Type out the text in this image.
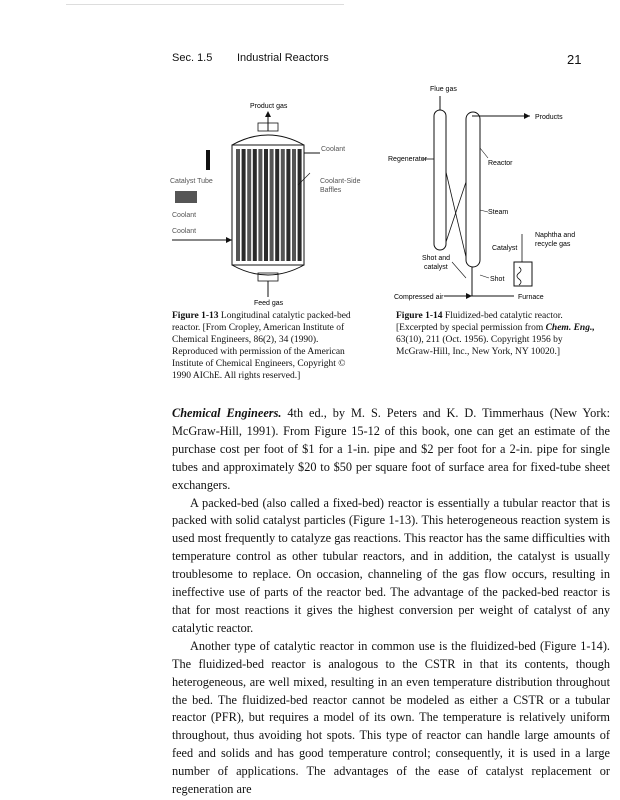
Sec. 1.5 Industrial Reactors	21
Product gas
Feed gas
Coolant
Coolant-Side
Baffles
Catalyst Tube
Coolant
Coolant
Figure 1-13 Longitudinal catalytic packed-bed reactor. [From Cropley, American Institute of Chemical Engineers, 86(2), 34 (1990). Reproduced with permission of the American Institute of Chemical Engineers, Copyright © 1990 AIChE. All rights reserved.]
Flue gas
Regenerator
Products
Reactor
Steam
Catalyst
Naphtha and
recycle gas
Shot and
catalyst
Shot
Compressed air	Furnace
Figure 1-14 Fluidized-bed catalytic reactor. [Excerpted by special permission from Chem. Eng., 63(10), 211 (Oct. 1956). Copyright 1956 by McGraw-Hill, Inc., New York, NY 10020.]

Chemical Engineers. 4th ed., by M. S. Peters and K. D. Timmerhaus (New York: McGraw-Hill, 1991). From Figure 15-12 of this book, one can get an estimate of the purchase cost per foot of $1 for a 1-in. pipe and $2 per foot for a 2-in. pipe for single tubes and approximately $20 to $50 per square foot of surface area for fixed-tube sheet exchangers.

A packed-bed (also called a fixed-bed) reactor is essentially a tubular reactor that is packed with solid catalyst particles (Figure 1-13). This heterogeneous reaction system is used most frequently to catalyze gas reactions. This reactor has the same difficulties with temperature control as other tubular reactors, and in addition, the catalyst is usually troublesome to replace. On occasion, channeling of the gas flow occurs, resulting in ineffective use of parts of the reactor bed. The advantage of the packed-bed reactor is that for most reactions it gives the highest conversion per weight of catalyst of any catalytic reactor.

Another type of catalytic reactor in common use is the fluidized-bed (Figure 1-14). The fluidized-bed reactor is analogous to the CSTR in that its contents, though heterogeneous, are well mixed, resulting in an even temperature distribution throughout the bed. The fluidized-bed reactor cannot be modeled as either a CSTR or a tubular reactor (PFR), but requires a model of its own. The temperature is relatively uniform throughout, thus avoiding hot spots. This type of reactor can handle large amounts of feed and solids and has good temperature control; consequently, it is used in a large number of applications. The advantages of the ease of catalyst replacement or regeneration are
